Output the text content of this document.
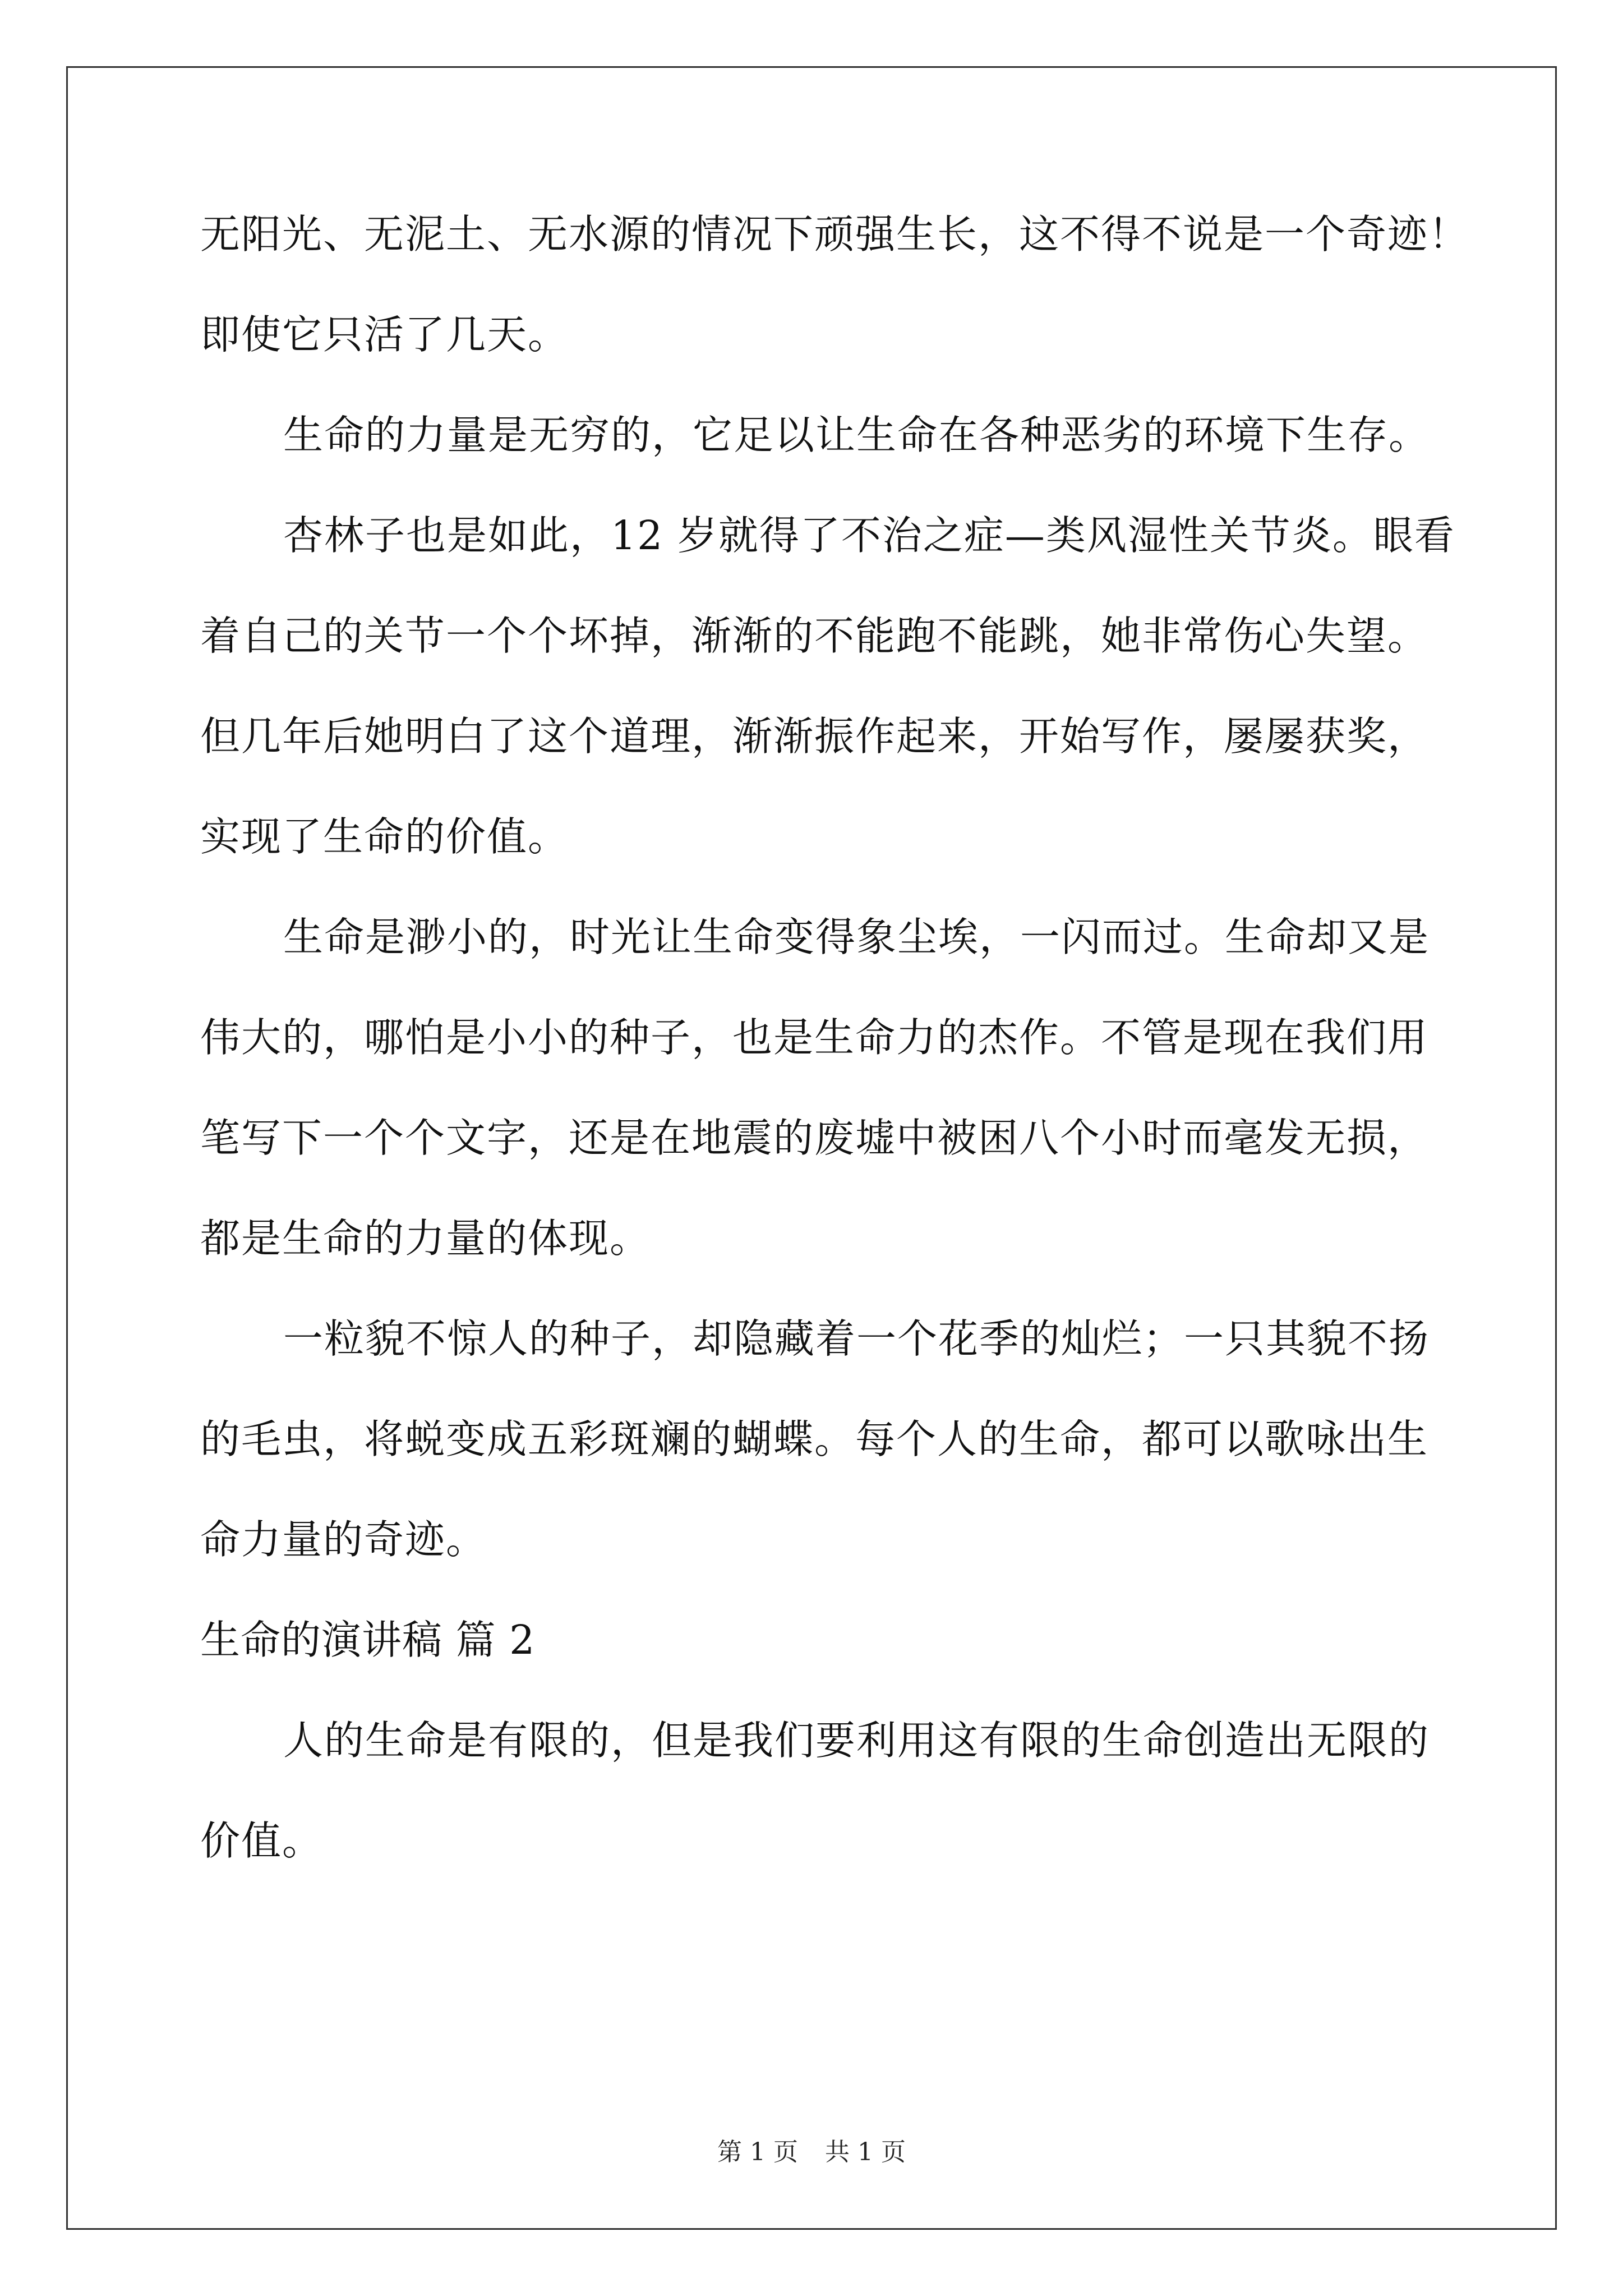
无阳光、无泥土、无水源的情况下顽强生长，这不得不说是一个奇迹！

即使它只活了几天。

生命的力量是无穷的，它足以让生命在各种恶劣的环境下生存。

杏林子也是如此，12 岁就得了不治之症—类风湿性关节炎。眼看

着自己的关节一个个坏掉，渐渐的不能跑不能跳，她非常伤心失望。

但几年后她明白了这个道理，渐渐振作起来，开始写作，屡屡获奖，

实现了生命的价值。

生命是渺小的，时光让生命变得象尘埃，一闪而过。生命却又是

伟大的，哪怕是小小的种子，也是生命力的杰作。不管是现在我们用

笔写下一个个文字，还是在地震的废墟中被困八个小时而毫发无损，

都是生命的力量的体现。

一粒貌不惊人的种子，却隐藏着一个花季的灿烂；一只其貌不扬

的毛虫，将蜕变成五彩斑斓的蝴蝶。每个人的生命，都可以歌咏出生

命力量的奇迹。

生命的演讲稿 篇 2

人的生命是有限的，但是我们要利用这有限的生命创造出无限的

价值。

第 1 页 共 1 页
